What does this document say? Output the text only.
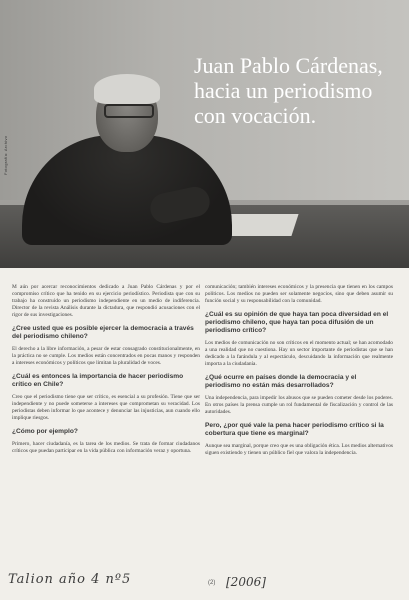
Fotografía: Archivo
Juan Pablo Cárdenas,
hacia un periodismo
con vocación.
M aún por acercar reconocimientos dedicado a Juan Pablo Cárdenas y por el compromiso crítico que ha tenido en su ejercicio periodístico. Periodista que con su trabajo ha construido un periodismo independiente en un medio de indiferencia. Director de la revista Análisis durante la dictadura, que respondió acusaciones con el rigor de sus investigaciones.
¿Cree usted que es posible ejercer la democracia a través del periodismo chileno?
El derecho a la libre información, a pesar de estar consagrado constitucionalmente, en la práctica no se cumple. Los medios están concentrados en pocas manos y responden a intereses económicos y políticos que limitan la pluralidad de voces.
¿Cuál es entonces la importancia de hacer periodismo crítico en Chile?
Creo que el periodismo tiene que ser crítico, es esencial a su profesión. Tiene que ser independiente y no puede someterse a intereses que comprometan su veracidad. Los periodistas deben informar lo que acontece y denunciar las injusticias, aun cuando ello implique riesgos.
¿Cómo por ejemplo?
Primero, hacer ciudadanía, es la tarea de los medios. Se trata de formar ciudadanos críticos que puedan participar en la vida pública con información veraz y oportuna.
comunicación; también intereses económicos y la presencia que tienen en los campos políticos. Los medios no pueden ser solamente negocios, sino que deben asumir su función social y su responsabilidad con la comunidad.
¿Cuál es su opinión de que haya tan poca diversidad en el periodismo chileno, que haya tan poca difusión de un periodismo crítico?
Los medios de comunicación no son críticos en el momento actual; se han acomodado a una realidad que no cuestiona. Hay un sector importante de periodistas que se han dedicado a la farándula y al espectáculo, descuidando la información que realmente importa a la ciudadanía.
¿Qué ocurre en países donde la democracia y el periodismo no están más desarrollados?
Una independencia, para impedir los abusos que se pueden cometer desde los poderes. En otros países la prensa cumple un rol fundamental de fiscalización y control de las autoridades.
Pero, ¿por qué vale la pena hacer periodismo crítico si la cobertura que tiene es marginal?
Aunque sea marginal, porque creo que es una obligación ética. Los medios alternativos siguen existiendo y tienen un público fiel que valora la independencia.
Talion año 4 nº5	(2) [2006]
